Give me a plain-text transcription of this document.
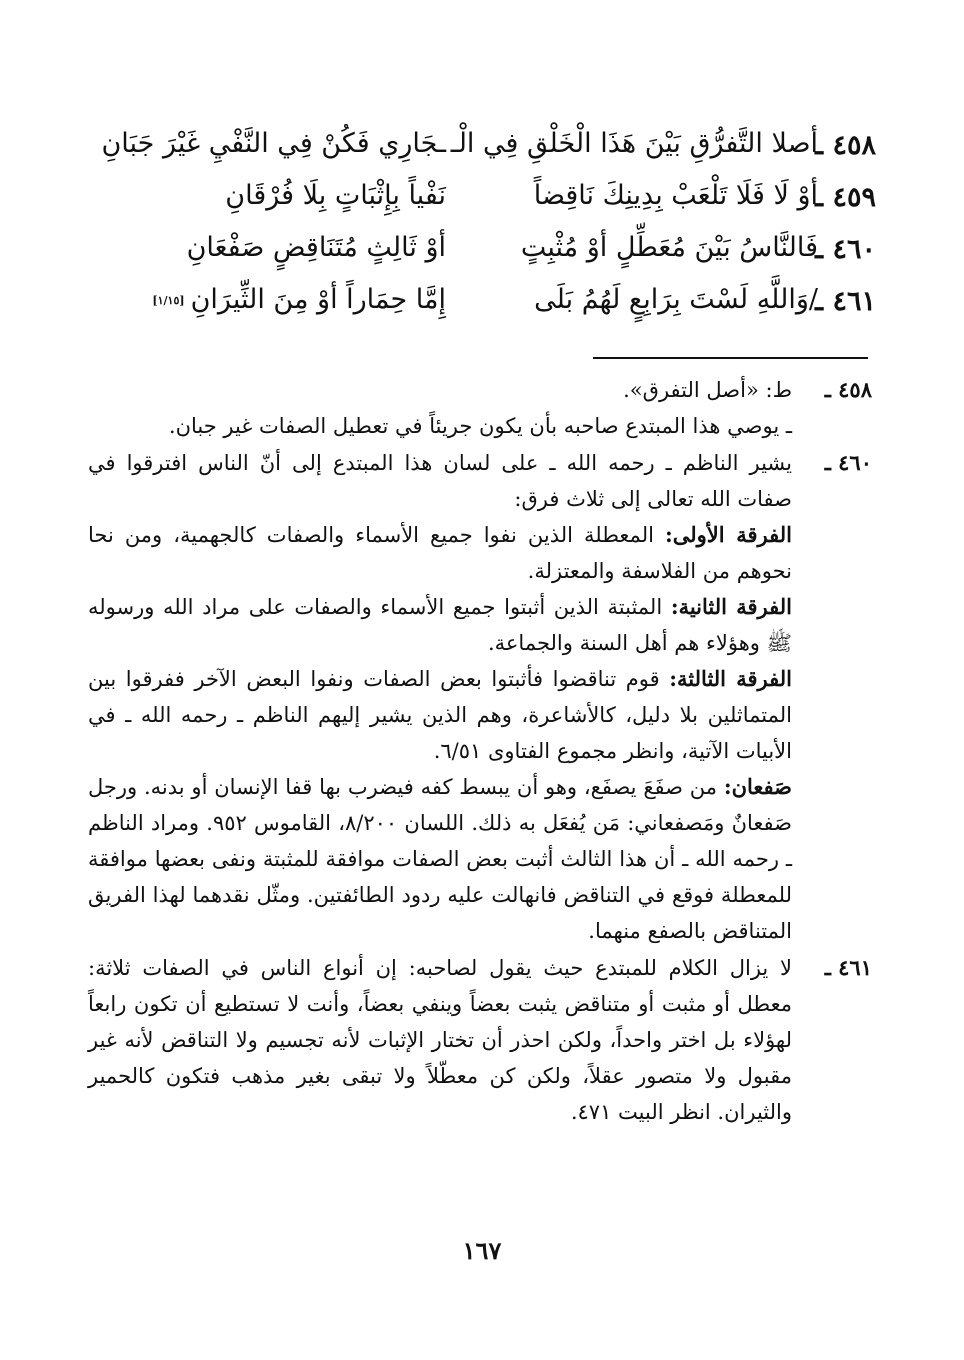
٤٥٨ ـ
أصلا التَّفرُّقِ بَيْنَ هَذَا الْخَلْقِ فِي الْـ
ـجَارِي فَكُنْ فِي النَّفْيِ غَيْرَ جَبَانِ
٤٥٩ ـ
أوْ لَا فَلَا تَلْعَبْ بِدِينِكَ نَاقِضاً
نَفْياً بِإِثْبَاتٍ بِلَا فُرْقَانِ
٤٦٠ ـ
فَالنَّاسُ بَيْنَ مُعَطِّلٍ أوْ مُثْبِتٍ
أوْ ثَالِثٍ مُتَنَاقِضٍ صَفْعَانِ
٤٦١ ـ
/وَاللَّهِ لَسْتَ بِرَابِعٍ لَهُمُ بَلَى
إِمَّا حِمَاراً أوْ مِنَ الثِّيرَانِ[١/١٥]
٤٥٨ ـ

ط: «أصل التفرق».

ـ يوصي هذا المبتدع صاحبه بأن يكون جريئاً في تعطيل الصفات غير جبان.

٤٦٠ ـ

يشير الناظم ـ رحمه الله ـ على لسان هذا المبتدع إلى أنّ الناس افترقوا في صفات الله تعالى إلى ثلاث فرق:

الفرقة الأولى: المعطلة الذين نفوا جميع الأسماء والصفات كالجهمية، ومن نحا نحوهم من الفلاسفة والمعتزلة.

الفرقة الثانية: المثبتة الذين أثبتوا جميع الأسماء والصفات على مراد الله ورسوله ﷺ وهؤلاء هم أهل السنة والجماعة.

الفرقة الثالثة: قوم تناقضوا فأثبتوا بعض الصفات ونفوا البعض الآخر ففرقوا بين المتماثلين بلا دليل، كالأشاعرة، وهم الذين يشير إليهم الناظم ـ رحمه الله ـ في الأبيات الآتية، وانظر مجموع الفتاوى ٦/٥١.

صَفعان: من صفَعَ يصفَع، وهو أن يبسط كفه فيضرب بها قفا الإنسان أو بدنه. ورجل صَفعانٌ ومَصفعاني: مَن يُفعَل به ذلك. اللسان ٨/٢٠٠، القاموس ٩٥٢. ومراد الناظم ـ رحمه الله ـ أن هذا الثالث أثبت بعض الصفات موافقة للمثبتة ونفى بعضها موافقة للمعطلة فوقع في التناقض فانهالت عليه ردود الطائفتين. ومثّل نقدهما لهذا الفريق المتناقض بالصفع منهما.

٤٦١ ـ

لا يزال الكلام للمبتدع حيث يقول لصاحبه: إن أنواع الناس في الصفات ثلاثة: معطل أو مثبت أو متناقض يثبت بعضاً وينفي بعضاً، وأنت لا تستطيع أن تكون رابعاً لهؤلاء بل اختر واحداً، ولكن احذر أن تختار الإثبات لأنه تجسيم ولا التناقض لأنه غير مقبول ولا متصور عقلاً، ولكن كن معطّلاً ولا تبقى بغير مذهب فتكون كالحمير والثيران. انظر البيت ٤٧١.

١٦٧
